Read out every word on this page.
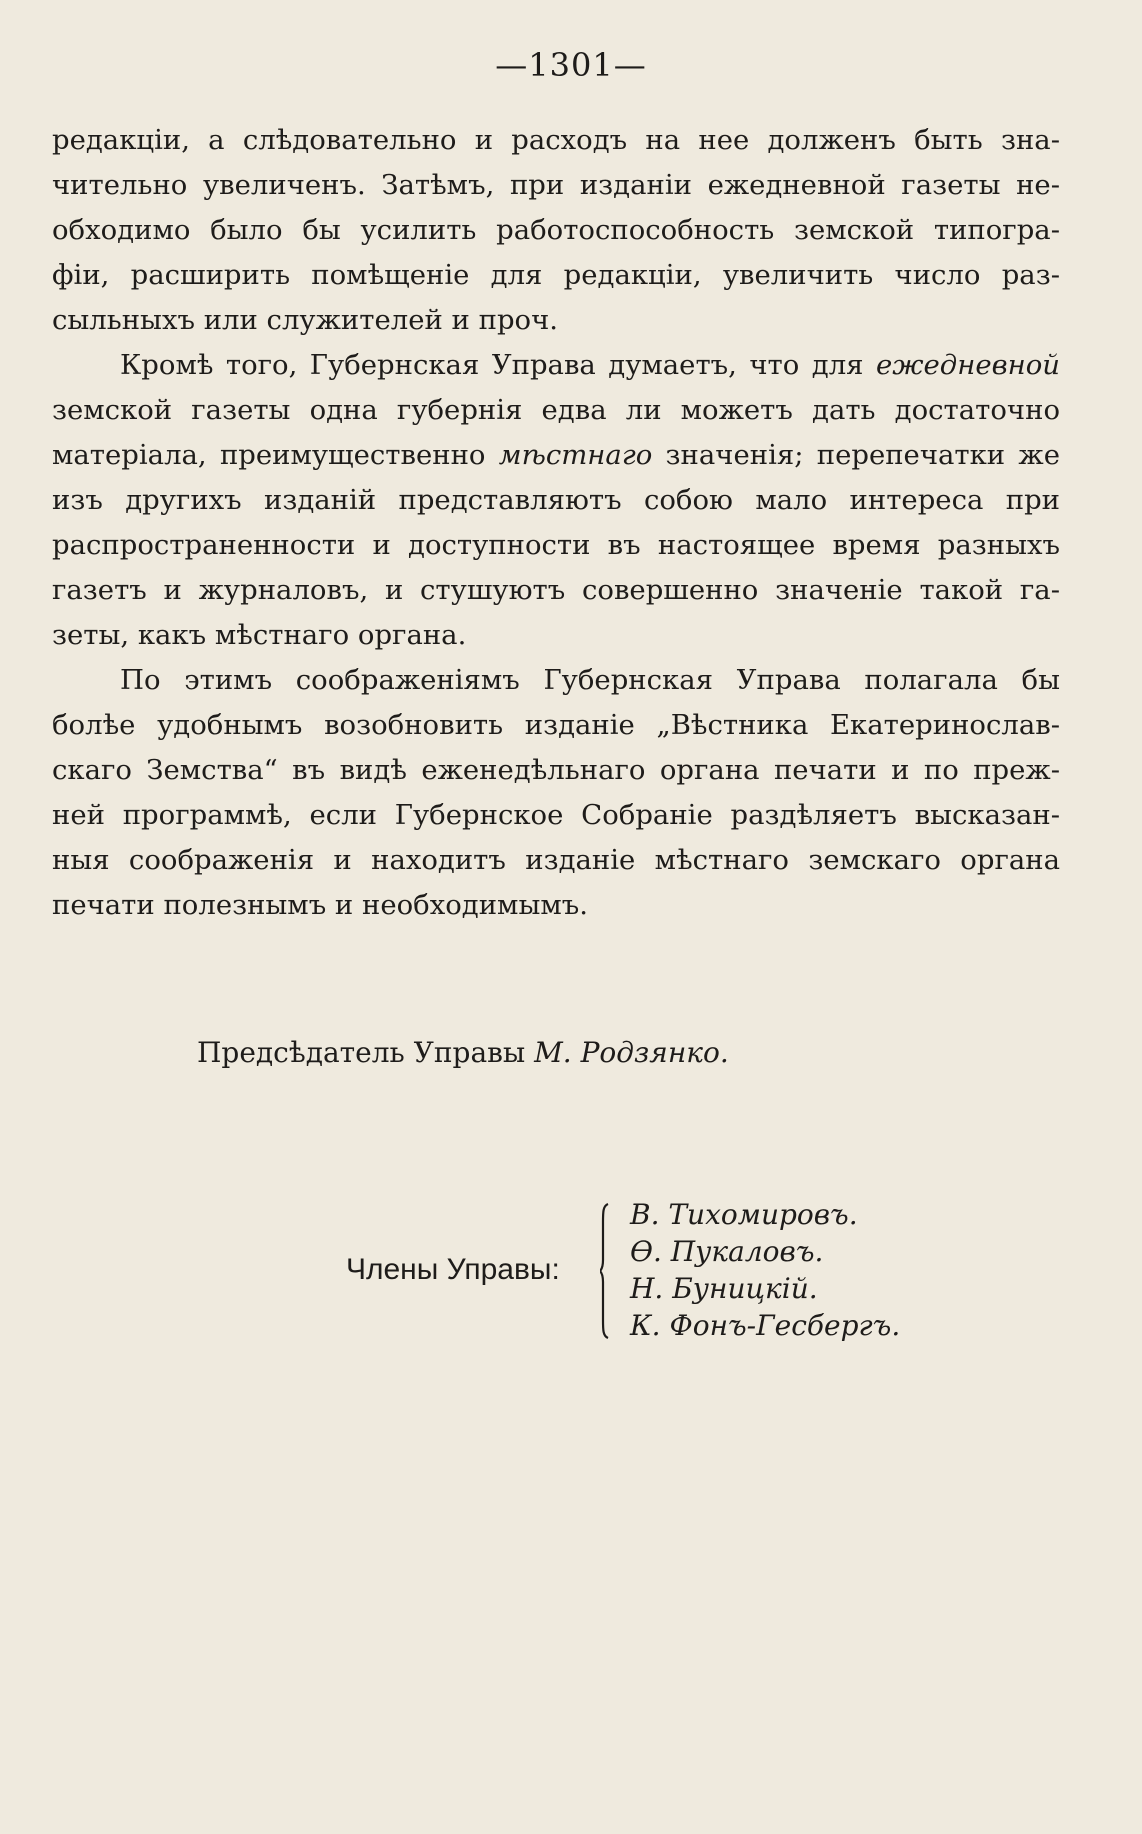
—1301—
редакціи, а слѣдовательно и расходъ на нее долженъ быть зна-
чительно увеличенъ. Затѣмъ, при изданіи ежедневной газеты не-
обходимо было бы усилить работоспособность земской типогра-
фіи, расширить помѣщеніе для редакціи, увеличить число раз-
сыльныхъ или служителей и проч.
Кромѣ того, Губернская Управа думаетъ, что для ежедневной
земской газеты одна губернія едва ли можетъ дать достаточно
матеріала, преимущественно мѣстнаго значенія; перепечатки же
изъ другихъ изданій представляютъ собою мало интереса при
распространенности и доступности въ настоящее время разныхъ
газетъ и журналовъ, и стушуютъ совершенно значеніе такой га-
зеты, какъ мѣстнаго органа.
По этимъ соображеніямъ Губернская Управа полагала бы
болѣе удобнымъ возобновить изданіе „Вѣстника Екатеринослав-
скаго Земства“ въ видѣ еженедѣльнаго органа печати и по преж-
ней программѣ, если Губернское Собраніе раздѣляетъ высказан-
ныя соображенія и находитъ изданіе мѣстнаго земскаго органа
печати полезнымъ и необходимымъ.
Предсѣдатель Управы М. Родзянко.
Члены Управы:
В. Тихомировъ.
Ѳ. Пукаловъ.
Н. Буницкій.
К. Фонъ-Гесбергъ.
